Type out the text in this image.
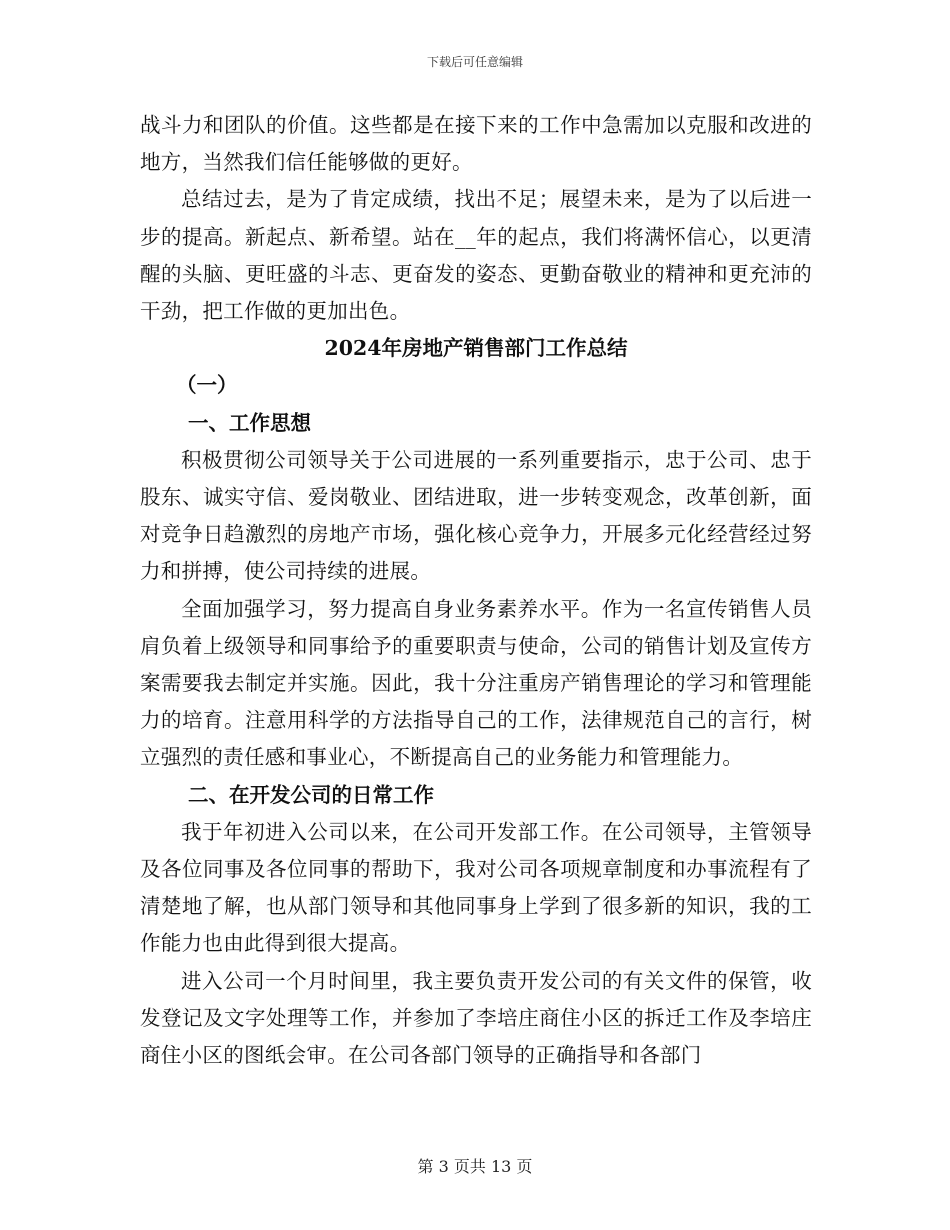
下载后可任意编辑

战斗力和团队的价值。这些都是在接下来的工作中急需加以克服和改进的地方，当然我们信任能够做的更好。

总结过去，是为了肯定成绩，找出不足；展望未来，是为了以后进一步的提高。新起点、新希望。站在__年的起点，我们将满怀信心，以更清醒的头脑、更旺盛的斗志、更奋发的姿态、更勤奋敬业的精神和更充沛的干劲，把工作做的更加出色。

2024年房地产销售部门工作总结

（一）

一、工作思想

积极贯彻公司领导关于公司进展的一系列重要指示，忠于公司、忠于股东、诚实守信、爱岗敬业、团结进取，进一步转变观念，改革创新，面对竞争日趋激烈的房地产市场，强化核心竞争力，开展多元化经营经过努力和拼搏，使公司持续的进展。

全面加强学习，努力提高自身业务素养水平。作为一名宣传销售人员肩负着上级领导和同事给予的重要职责与使命，公司的销售计划及宣传方案需要我去制定并实施。因此，我十分注重房产销售理论的学习和管理能力的培育。注意用科学的方法指导自己的工作，法律规范自己的言行，树立强烈的责任感和事业心，不断提高自己的业务能力和管理能力。

二、在开发公司的日常工作

我于年初进入公司以来，在公司开发部工作。在公司领导，主管领导及各位同事及各位同事的帮助下，我对公司各项规章制度和办事流程有了清楚地了解，也从部门领导和其他同事身上学到了很多新的知识，我的工作能力也由此得到很大提高。

进入公司一个月时间里，我主要负责开发公司的有关文件的保管，收发登记及文字处理等工作，并参加了李培庄商住小区的拆迁工作及李培庄商住小区的图纸会审。在公司各部门领导的正确指导和各部门

第 3 页共 13 页
